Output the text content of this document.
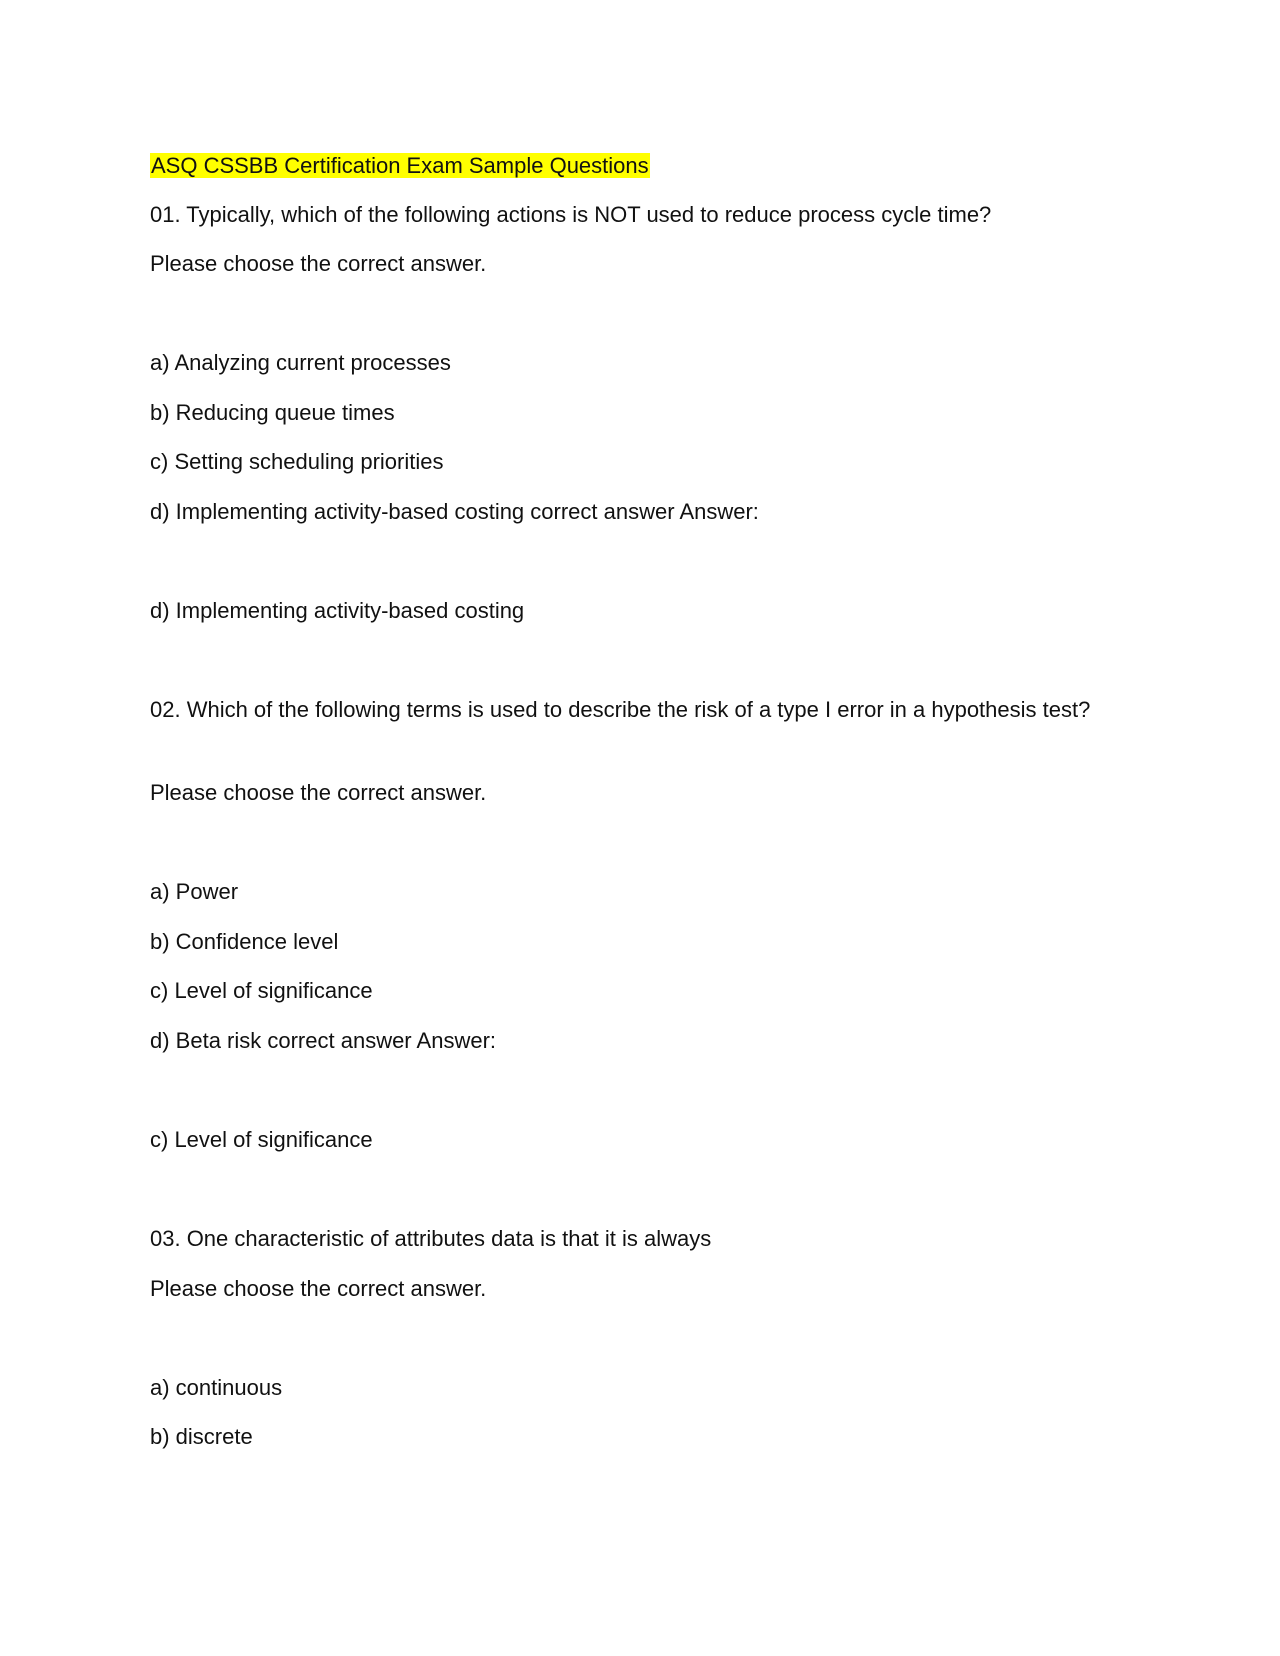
ASQ CSSBB Certification Exam Sample Questions
01. Typically, which of the following actions is NOT used to reduce process cycle time?
Please choose the correct answer.
a) Analyzing current processes
b) Reducing queue times
c) Setting scheduling priorities
d) Implementing activity-based costing correct answer Answer:
d) Implementing activity-based costing
02. Which of the following terms is used to describe the risk of a type I error in a hypothesis test?
Please choose the correct answer.
a) Power
b) Confidence level
c) Level of significance
d) Beta risk correct answer Answer:
c) Level of significance
03. One characteristic of attributes data is that it is always
Please choose the correct answer.
a) continuous
b) discrete
